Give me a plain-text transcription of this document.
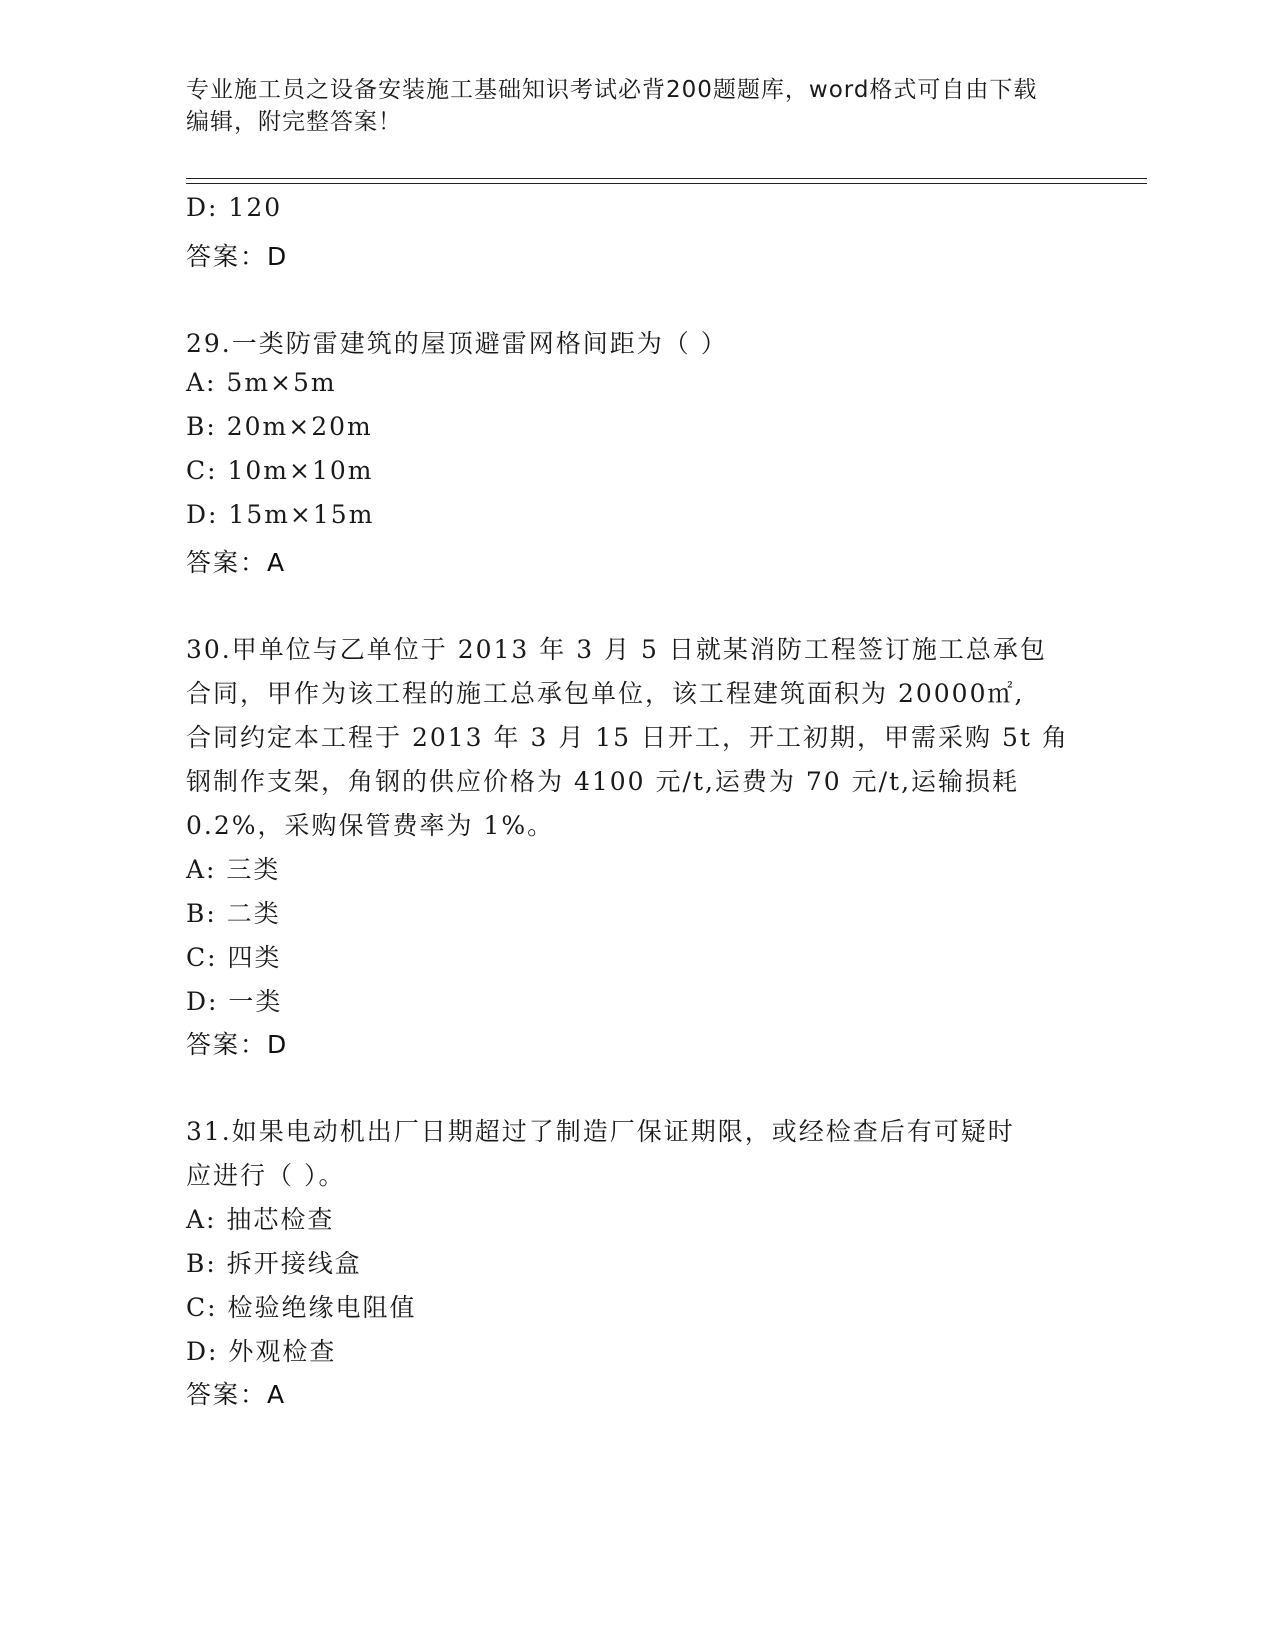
专业施工员之设备安装施工基础知识考试必背200题题库，word格式可自由下载
编辑，附完整答案！
D: 120
答案：D
29.一类防雷建筑的屋顶避雷网格间距为（ ）
A: 5m×5m
B: 20m×20m
C: 10m×10m
D: 15m×15m
答案：A
30.甲单位与乙单位于 2013 年 3 月 5 日就某消防工程签订施工总承包
合同，甲作为该工程的施工总承包单位，该工程建筑面积为 20000㎡,
合同约定本工程于 2013 年 3 月 15 日开工，开工初期，甲需采购 5t 角
钢制作支架，角钢的供应价格为 4100 元/t,运费为 70 元/t,运输损耗
0.2%，采购保管费率为 1%。
A: 三类
B: 二类
C: 四类
D: 一类
答案：D
31.如果电动机出厂日期超过了制造厂保证期限，或经检查后有可疑时
应进行（ ）。
A: 抽芯检查
B: 拆开接线盒
C: 检验绝缘电阻值
D: 外观检查
答案：A
